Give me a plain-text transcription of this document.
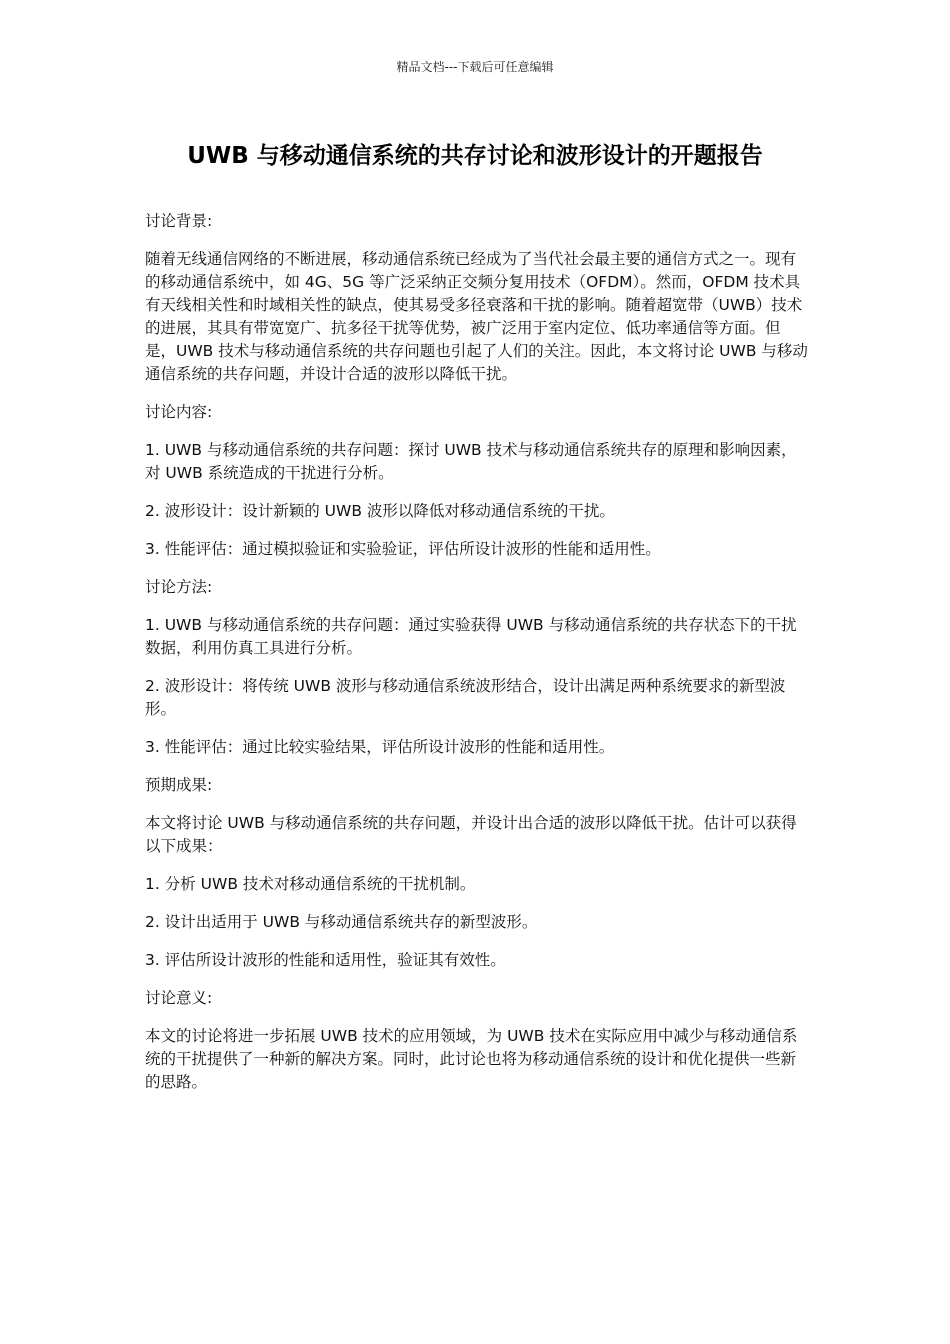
精品文档---下载后可任意编辑
UWB 与移动通信系统的共存讨论和波形设计的开题报告

讨论背景:

随着无线通信网络的不断进展，移动通信系统已经成为了当代社会最主要的通信方式之一。现有的移动通信系统中，如 4G、5G 等广泛采纳正交频分复用技术（OFDM）。然而，OFDM 技术具有天线相关性和时域相关性的缺点，使其易受多径衰落和干扰的影响。随着超宽带（UWB）技术的进展，其具有带宽宽广、抗多径干扰等优势，被广泛用于室内定位、低功率通信等方面。但是，UWB 技术与移动通信系统的共存问题也引起了人们的关注。因此，本文将讨论 UWB 与移动通信系统的共存问题，并设计合适的波形以降低干扰。

讨论内容:

1. UWB 与移动通信系统的共存问题：探讨 UWB 技术与移动通信系统共存的原理和影响因素，对 UWB 系统造成的干扰进行分析。

2. 波形设计：设计新颖的 UWB 波形以降低对移动通信系统的干扰。

3. 性能评估：通过模拟验证和实验验证，评估所设计波形的性能和适用性。

讨论方法:

1. UWB 与移动通信系统的共存问题：通过实验获得 UWB 与移动通信系统的共存状态下的干扰数据，利用仿真工具进行分析。

2. 波形设计：将传统 UWB 波形与移动通信系统波形结合，设计出满足两种系统要求的新型波形。

3. 性能评估：通过比较实验结果，评估所设计波形的性能和适用性。

预期成果:

本文将讨论 UWB 与移动通信系统的共存问题，并设计出合适的波形以降低干扰。估计可以获得以下成果：

1. 分析 UWB 技术对移动通信系统的干扰机制。

2. 设计出适用于 UWB 与移动通信系统共存的新型波形。

3. 评估所设计波形的性能和适用性，验证其有效性。

讨论意义:

本文的讨论将进一步拓展 UWB 技术的应用领域，为 UWB 技术在实际应用中减少与移动通信系统的干扰提供了一种新的解决方案。同时，此讨论也将为移动通信系统的设计和优化提供一些新的思路。
